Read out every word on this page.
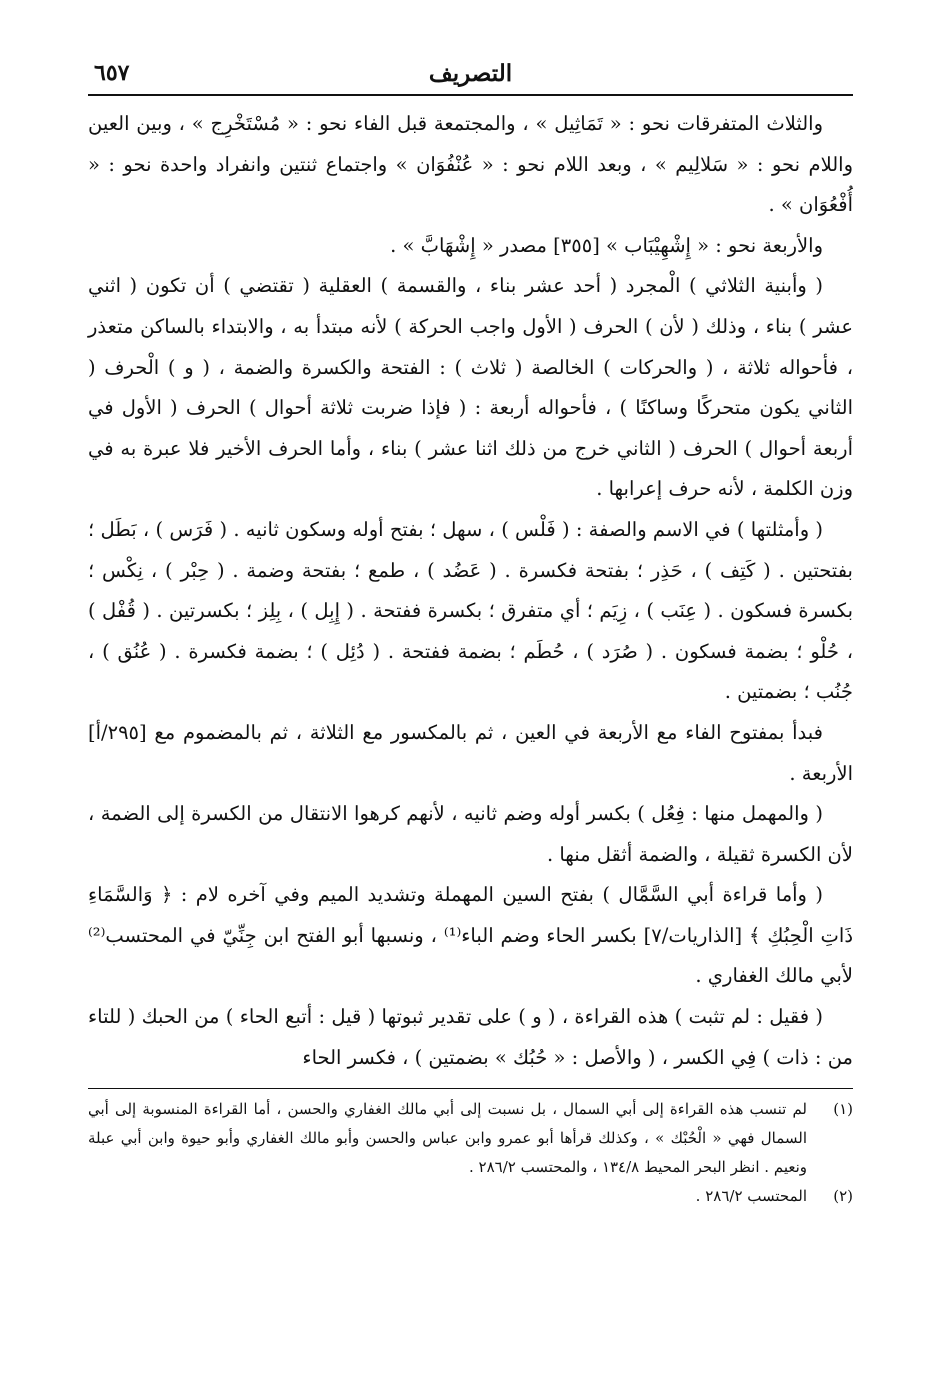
التصريف
٦٥٧

والثلاث المتفرقات نحو : « تَمَاثِيل » ، والمجتمعة قبل الفاء نحو : « مُسْتَخْرِج » ، وبين العين واللام نحو : « سَلالِيم » ، وبعد اللام نحو : « عُنْفُوَان » واجتماع ثنتين وانفراد واحدة نحو : « أُفْعُوَان » .

والأربعة نحو : « إِشْهِيْبَاب » [٣٥٥] مصدر « إِشْهَابَّ » .

( وأبنية الثلاثي ) الْمجرد ( أحد عشر بناء ، والقسمة ) العقلية ( تقتضي ) أن تكون ( اثني عشر ) بناء ، وذلك ( لأن ) الحرف ( الأول واجب الحركة ) لأنه مبتدأ به ، والابتداء بالساكن متعذر ، فأحواله ثلاثة ، ( والحركات ) الخالصة ( ثلاث ) : الفتحة والكسرة والضمة ، ( و ) الْحرف ( الثاني يكون متحركًا وساكنًا ) ، فأحواله أربعة : ( فإذا ضربت ثلاثة أحوال ) الحرف ( الأول في أربعة أحوال ) الحرف ( الثاني خرج من ذلك اثنا عشر ) بناء ، وأما الحرف الأخير فلا عبرة به في وزن الكلمة ، لأنه حرف إعرابها .

( وأمثلتها ) في الاسم والصفة : ( فَلْس ) ، سهل ؛ بفتح أوله وسكون ثانيه . ( فَرَس ) ، بَطَل ؛ بفتحتين . ( كَتِف ) ، حَذِر ؛ بفتحة فكسرة . ( عَضُد ) ، طمع ؛ بفتحة وضمة . ( حِبْر ) ، نِكْس ؛ بكسرة فسكون . ( عِنَب ) ، زِيَم ؛ أي متفرق ؛ بكسرة ففتحة . ( إِبِل ) ، بِلِز ؛ بكسرتين . ( قُفْل ) ، حُلْو ؛ بضمة فسكون . ( صُرَد ) ، حُطَم ؛ بضمة ففتحة . ( دُئِل ) ؛ بضمة فكسرة . ( عُنُق ) ، جُنُب ؛ بضمتين .

فبدأ بمفتوح الفاء مع الأربعة في العين ، ثم بالمكسور مع الثلاثة ، ثم بالمضموم مع [٢٩٥/أ] الأربعة .

( والمهمل منها : فِعُل ) بكسر أوله وضم ثانيه ، لأنهم كرهوا الانتقال من الكسرة إلى الضمة ، لأن الكسرة ثقيلة ، والضمة أثقل منها .

( وأما قراءة أبي السَّمَّال ) بفتح السين المهملة وتشديد الميم وفي آخره لام : ﴿ وَالسَّمَاءِ ذَاتِ الْحِبُكِ ﴾ [الذاريات/٧] بكسر الحاء وضم الباء⁽¹⁾ ، ونسبها أبو الفتح ابن جِنِّيّ في المحتسب⁽²⁾ لأبي مالك الغفاري .

( فقيل : لم تثبت ) هذه القراءة ، ( و ) على تقدير ثبوتها ( قيل : أتبع الحاء ) من الحبك ( للتاء من : ذات ) فِي الكسر ، ( والأصل : « حُبُك » بضمتين ) ، فكسر الحاء

(١)
لم تنسب هذه القراءة إلى أبي السمال ، بل نسبت إلى أبي مالك الغفاري والحسن ، أما القراءة المنسوبة إلى أبي السمال فهي « الْحُبْك » ، وكذلك قرأها أبو عمرو وابن عباس والحسن وأبو مالك الغفاري وأبو حيوة وابن أبي عبلة ونعيم . انظر البحر المحيط ١٣٤/٨ ، والمحتسب ٢٨٦/٢ .
(٢)
المحتسب ٢٨٦/٢ .
